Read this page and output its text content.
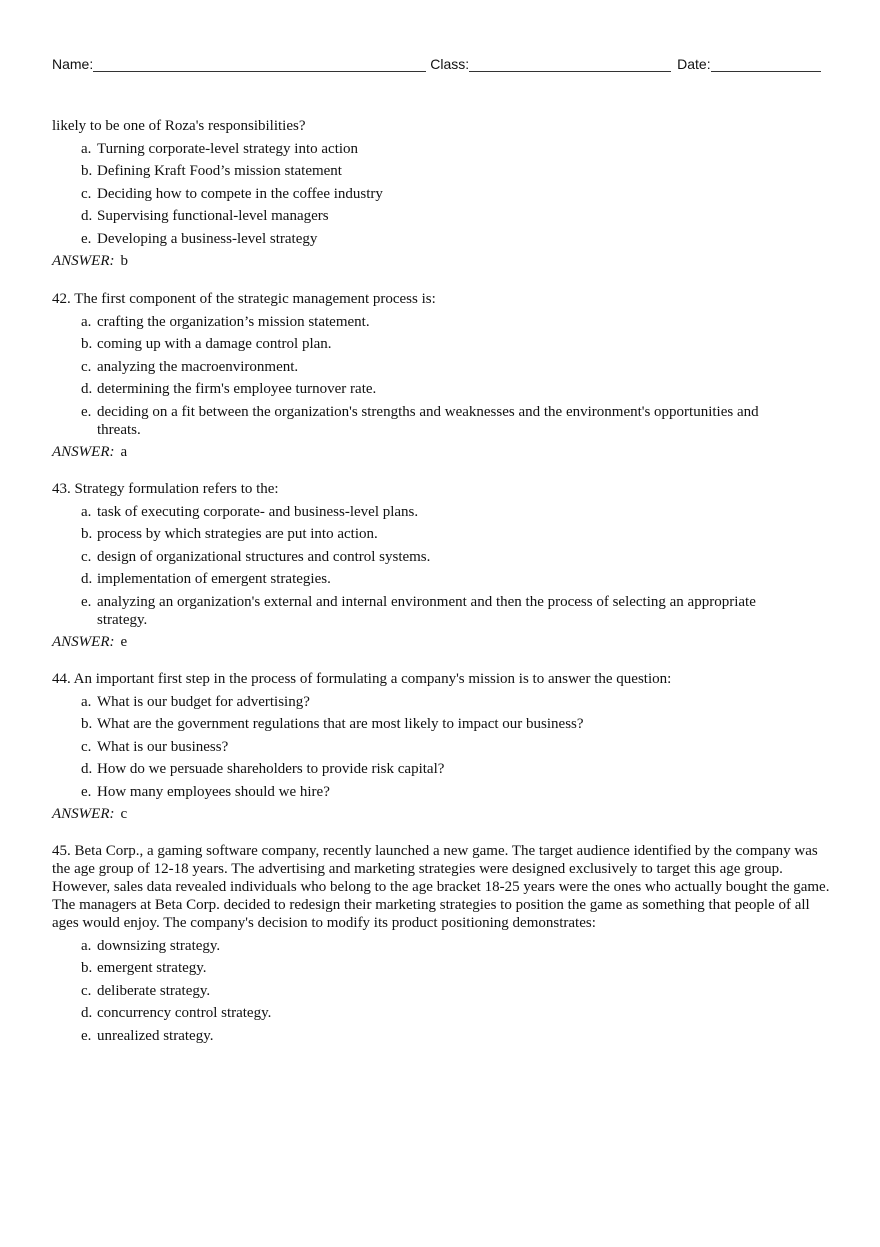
Name:	Class:	Date:
likely to be one of Roza's responsibilities?
a. Turning corporate-level strategy into action
b. Defining Kraft Food’s mission statement
c. Deciding how to compete in the coffee industry
d. Supervising functional-level managers
e. Developing a business-level strategy
ANSWER: b
42. The first component of the strategic management process is:
a. crafting the organization’s mission statement.
b. coming up with a damage control plan.
c. analyzing the macroenvironment.
d. determining the firm's employee turnover rate.
e. deciding on a fit between the organization's strengths and weaknesses and the environment's opportunities and threats.
ANSWER: a
43. Strategy formulation refers to the:
a. task of executing corporate- and business-level plans.
b. process by which strategies are put into action.
c. design of organizational structures and control systems.
d. implementation of emergent strategies.
e. analyzing an organization's external and internal environment and then the process of selecting an appropriate strategy.
ANSWER: e
44. An important first step in the process of formulating a company's mission is to answer the question:
a. What is our budget for advertising?
b. What are the government regulations that are most likely to impact our business?
c. What is our business?
d. How do we persuade shareholders to provide risk capital?
e. How many employees should we hire?
ANSWER: c
45. Beta Corp., a gaming software company, recently launched a new game. The target audience identified by the company was the age group of 12-18 years. The advertising and marketing strategies were designed exclusively to target this age group. However, sales data revealed individuals who belong to the age bracket 18-25 years were the ones who actually bought the game. The managers at Beta Corp. decided to redesign their marketing strategies to position the game as something that people of all ages would enjoy. The company's decision to modify its product positioning demonstrates:
a. downsizing strategy.
b. emergent strategy.
c. deliberate strategy.
d. concurrency control strategy.
e. unrealized strategy.
